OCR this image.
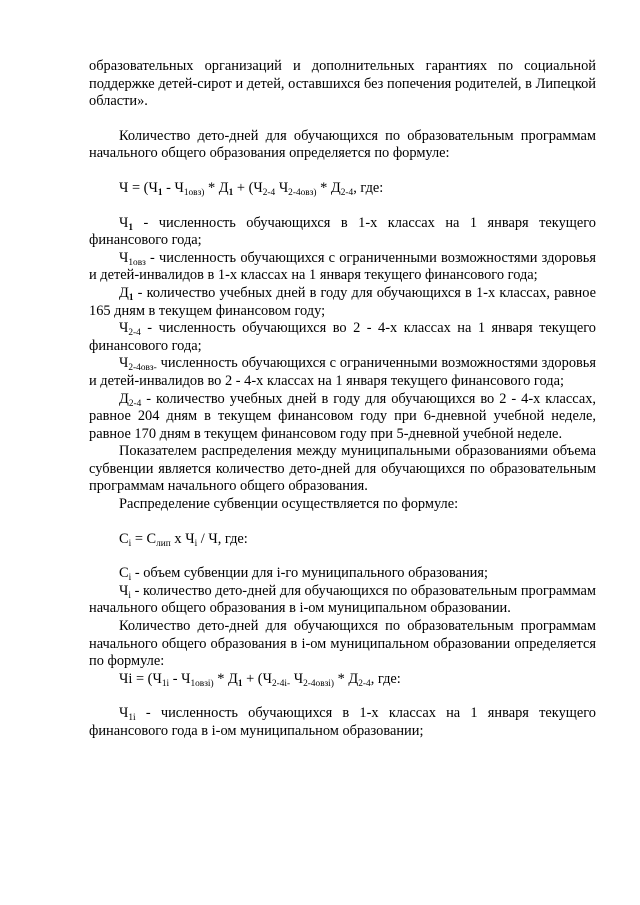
образовательных организаций и дополнительных гарантиях по социальной поддержке детей-сирот и детей, оставшихся без попечения родителей, в Липецкой области».

Количество дето-дней для обучающихся по образовательным программам начального общего образования определяется по формуле:

$Ч = (Ч_1 - Ч_{1овз)} * Д_1 + (Ч_{2-4}$ $Ч_{2-4овз)} * Д_{2-4}$, где:

$Ч_1$ - численность обучающихся в 1-х классах на 1 января текущего финансового года;

$Ч_{1овз}$ - численность обучающихся с ограниченными возможностями здоровья и детей-инвалидов в 1-х классах на 1 января текущего финансового года;

$Д_1$ - количество учебных дней в году для обучающихся в 1-х классах, равное 165 дням в текущем финансовом году;

$Ч_{2-4}$ - численность обучающихся во 2 - 4-х классах на 1 января текущего финансового года;

$Ч_{2-4овз-}$ численность обучающихся с ограниченными возможностями здоровья и детей-инвалидов во 2 - 4-х классах на 1 января текущего финансового года;

$Д_{2-4}$ - количество учебных дней в году для обучающихся во 2 - 4-х классах, равное 204 дням в текущем финансовом году при 6-дневной учебной неделе, равное 170 дням в текущем финансовом году при 5-дневной учебной неделе.

Показателем распределения между муниципальными образованиями объема субвенции является количество дето-дней для обучающихся по образовательным программам начального общего образования.

Распределение субвенции осуществляется по формуле:

$С_i = С_{лип}$ х $Ч_i$ / Ч, где:

$С_i$ - объем субвенции для i-го муниципального образования;

$Ч_i$ - количество дето-дней для обучающихся по образовательным программам начального общего образования в i-ом муниципальном образовании.

Количество дето-дней для обучающихся по образовательным программам начального общего образования в i-ом муниципальном образовании определяется по формуле:

Чi = ($Ч_{1i} - Ч_{1овзi)} * Д_1 + (Ч_{2-4i-}$ $Ч_{2-4овзi)} * Д_{2-4}$, где:

$Ч_{1i}$ - численность обучающихся в 1-х классах на 1 января текущего финансового года в i-ом муниципальном образовании;
